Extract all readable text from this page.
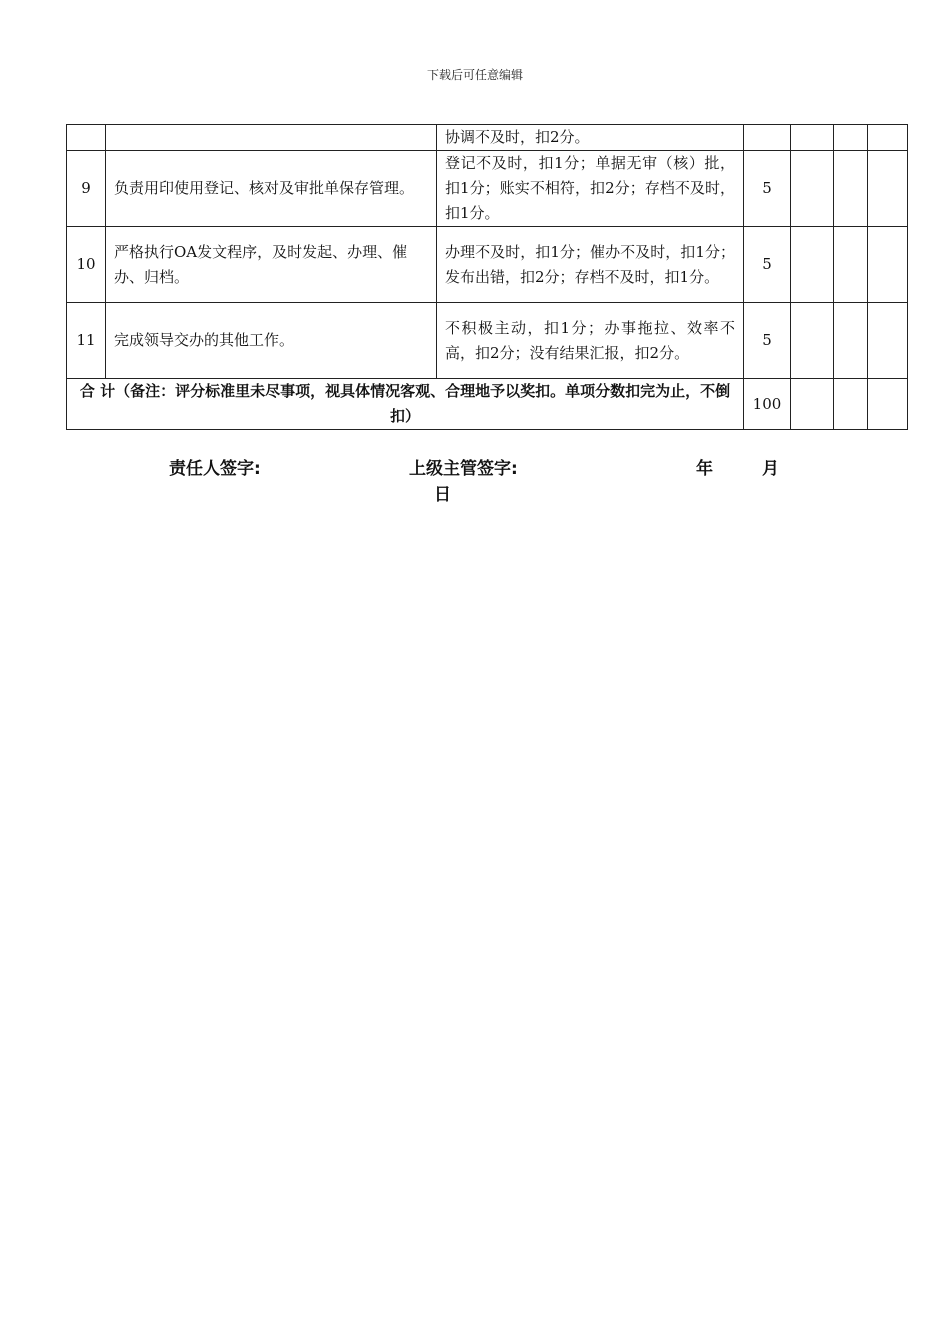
下载后可任意编辑
		协调不及时，扣2分。				
9	负责用印使用登记、核对及审批单保存管理。	登记不及时，扣1分；单据无审（核）批，扣1分；账实不相符，扣2分；存档不及时，扣1分。	5			
10	严格执行OA发文程序，及时发起、办理、催办、归档。	办理不及时，扣1分；催办不及时，扣1分；发布出错，扣2分；存档不及时，扣1分。	5			
11	完成领导交办的其他工作。	不积极主动，扣1分；办事拖拉、效率不高，扣2分；没有结果汇报，扣2分。	5			
合 计（备注：评分标准里未尽事项，视具体情况客观、合理地予以奖扣。单项分数扣完为止，不倒扣）			100			
责任人签字:	上级主管签字:	年	月
日
